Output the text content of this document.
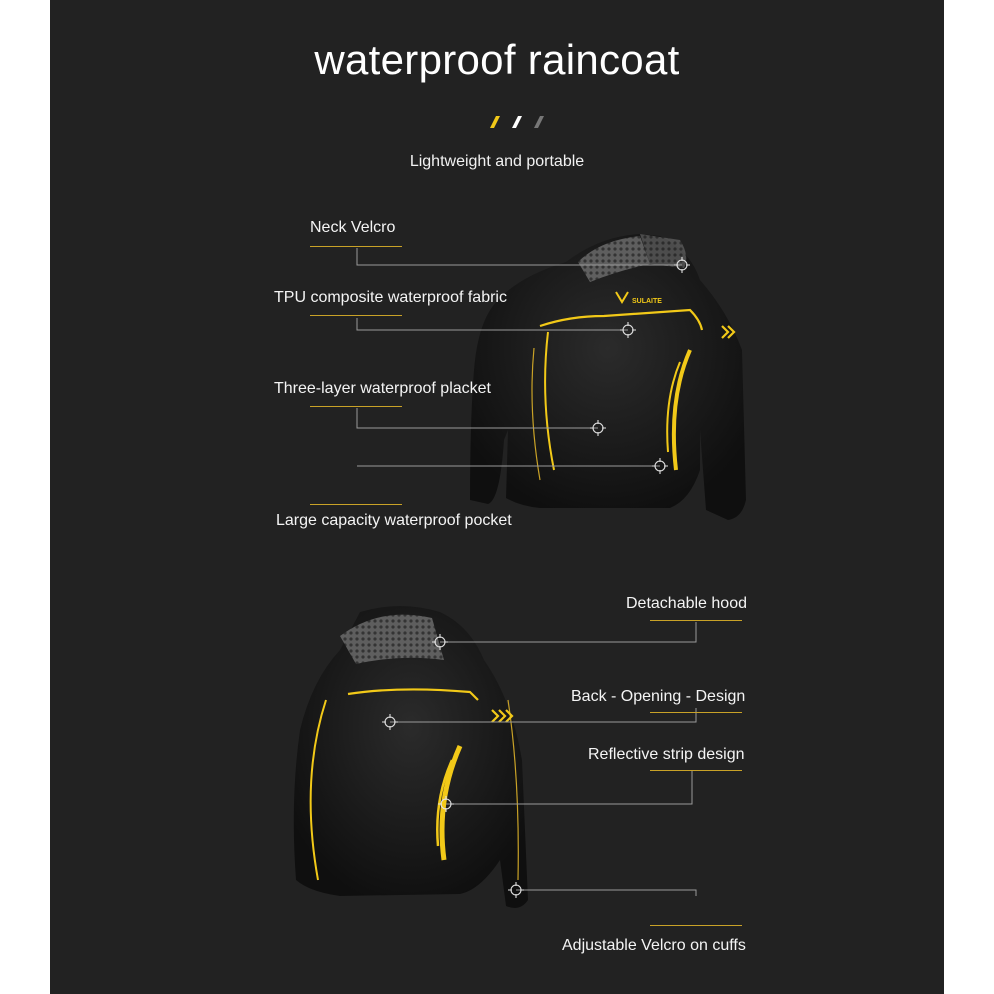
SULAITE
waterproof raincoat
Lightweight and portable
Neck Velcro
TPU composite waterproof fabric
Three-layer waterproof placket
Large capacity waterproof pocket
Detachable hood
Back - Opening - Design
Reflective strip design
Adjustable Velcro on cuffs
